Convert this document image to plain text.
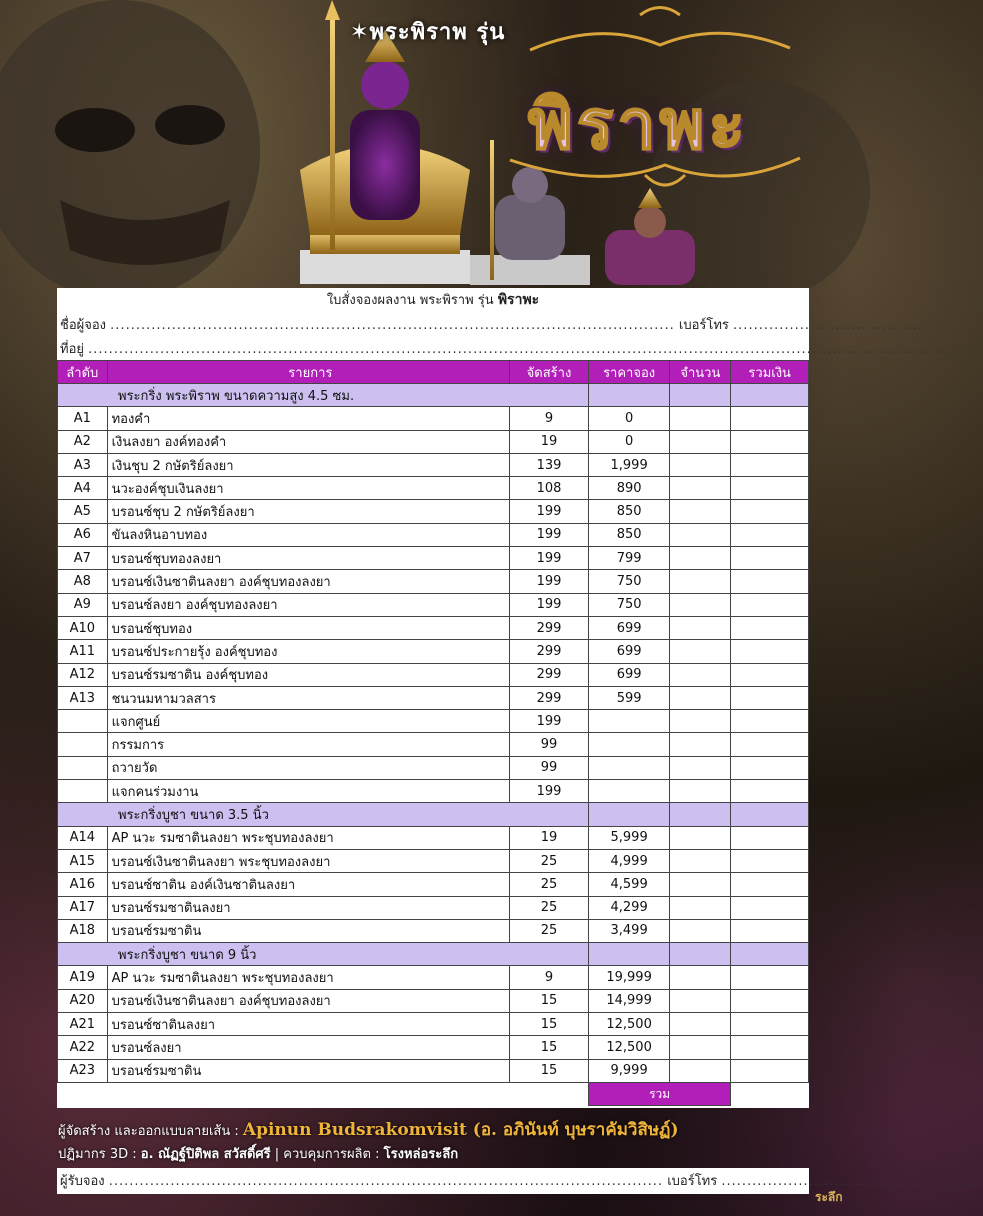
✶พระพิราพ รุ่น
พิราพะ
ใบสั่งจองผลงาน พระพิราพ รุ่น พิราพะ
ชื่อผู้จอง .............................................................................................................. เบอร์โทร .......................................
ที่อยู่ .............................................................................................................................................................................
ลำดับ	รายการ	จัดสร้าง	ราคาจอง	จำนวน	รวมเงิน
พระกริ่ง พระพิราพ ขนาดความสูง 4.5 ซม.					
A1	ทองคำ	9	0		
A2	เงินลงยา องค์ทองคำ	19	0		
A3	เงินชุบ 2 กษัตริย์ลงยา	139	1,999		
A4	นวะองค์ชุบเงินลงยา	108	890		
A5	บรอนซ์ชุบ 2 กษัตริย์ลงยา	199	850		
A6	ขันลงหินอาบทอง	199	850		
A7	บรอนซ์ชุบทองลงยา	199	799		
A8	บรอนซ์เงินซาตินลงยา องค์ชุบทองลงยา	199	750		
A9	บรอนซ์ลงยา องค์ชุบทองลงยา	199	750		
A10	บรอนซ์ชุบทอง	299	699		
A11	บรอนซ์ประกายรุ้ง องค์ชุบทอง	299	699		
A12	บรอนซ์รมซาติน องค์ชุบทอง	299	699		
A13	ชนวนมหามวลสาร	299	599		
	แจกศูนย์	199			
	กรรมการ	99			
	ถวายวัด	99			
	แจกคนร่วมงาน	199			
พระกริ่งบูชา ขนาด 3.5 นิ้ว					
A14	AP นวะ รมซาตินลงยา พระชุบทองลงยา	19	5,999		
A15	บรอนซ์เงินซาตินลงยา พระชุบทองลงยา	25	4,999		
A16	บรอนซ์ซาติน องค์เงินซาตินลงยา	25	4,599		
A17	บรอนซ์รมซาตินลงยา	25	4,299		
A18	บรอนซ์รมซาติน	25	3,499		
พระกริ่งบูชา ขนาด 9 นิ้ว					
A19	AP นวะ รมซาตินลงยา พระชุบทองลงยา	9	19,999		
A20	บรอนซ์เงินซาตินลงยา องค์ชุบทองลงยา	15	14,999		
A21	บรอนซ์ซาตินลงยา	15	12,500		
A22	บรอนซ์ลงยา	15	12,500		
A23	บรอนซ์รมซาติน	15	9,999		
			รวม		
ผู้จัดสร้าง และออกแบบลายเส้น : Apinun Budsrakomvisit (อ. อภินันท์ บุษราคัมวิสิษฏ์)
ปฏิมากร 3D : อ. ณัฏฐ์ปิติพล สวัสดิ์ศรี | ควบคุมการผลิต : โรงหล่อระลึก
ผู้รับจอง ............................................................................................................ เบอร์โทร ...................................................
ระลึก
